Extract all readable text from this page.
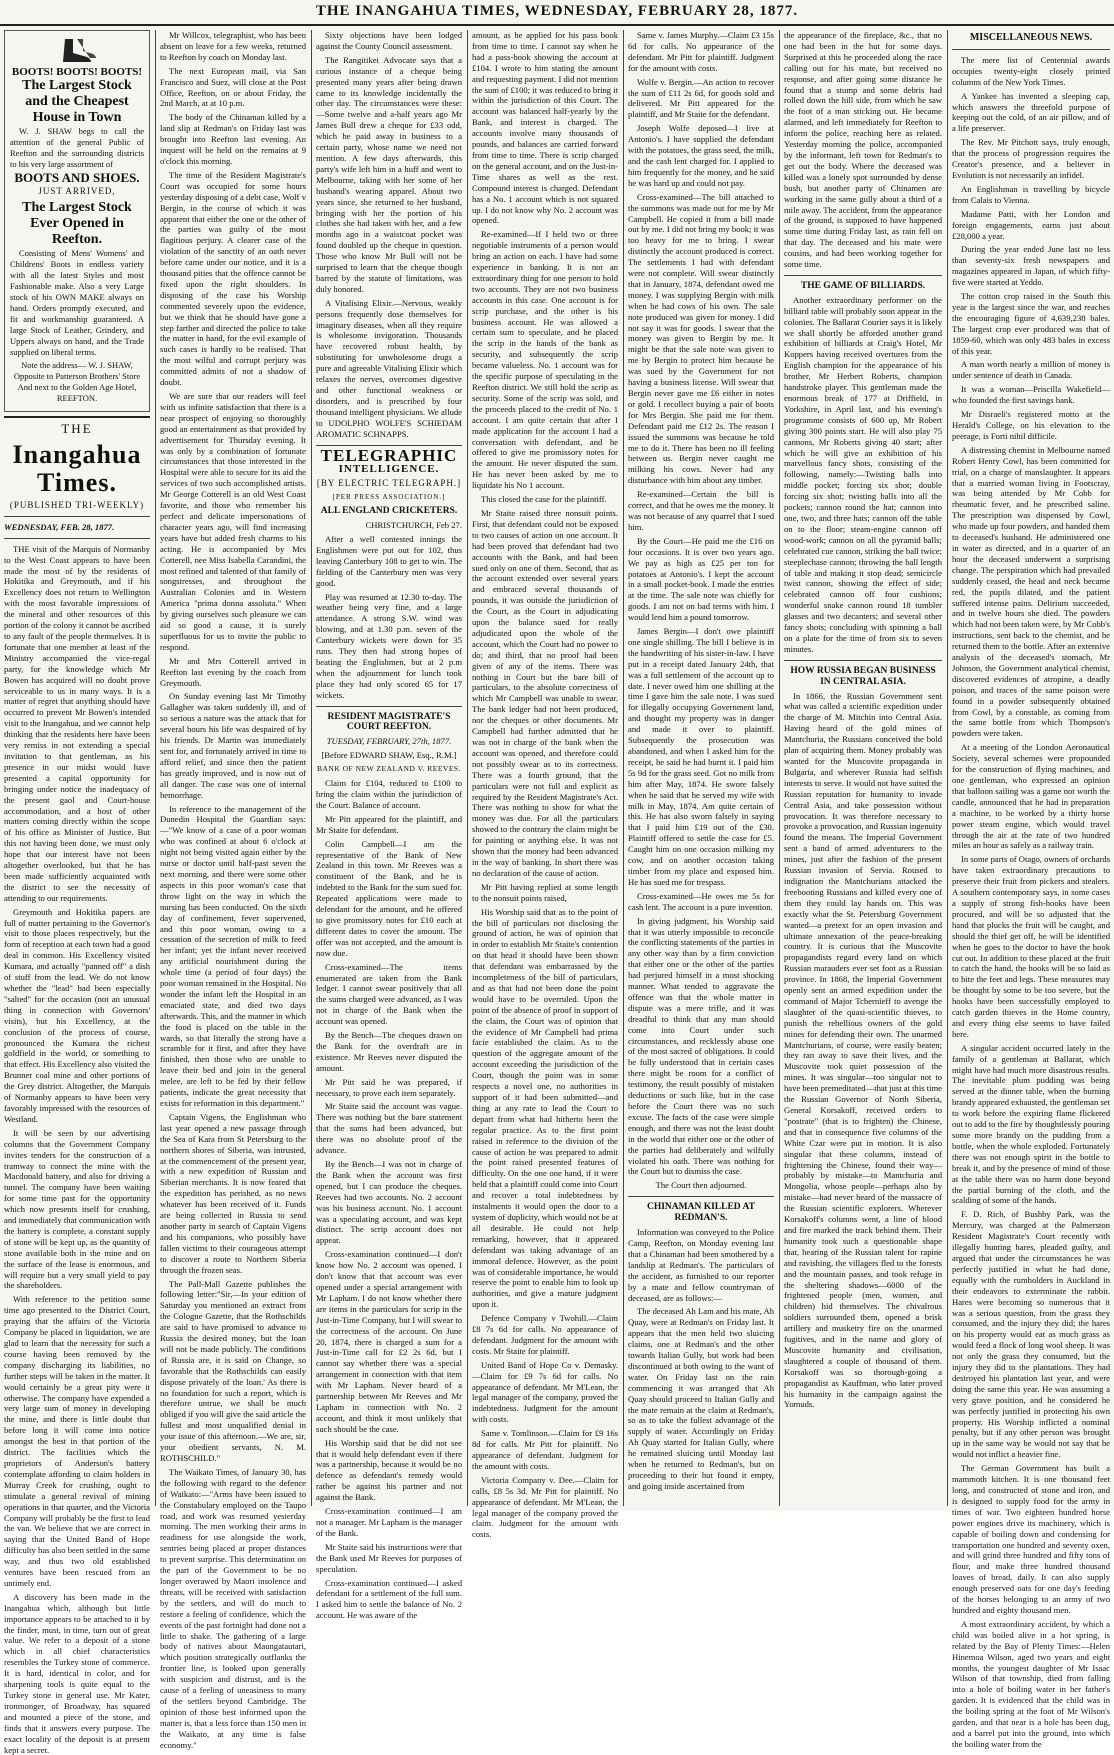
THE INANGAHUA TIMES, WEDNESDAY, FEBRUARY 28, 1877.
BOOTS! BOOTS! BOOTS!
The Largest Stock and the Cheapest House in Town

W. J. SHAW begs to call the attention of the general Public of Reefton and the surrounding districts to his very large assortment of

BOOTS AND SHOES.
JUST ARRIVED,
The Largest Stock Ever Opened in Reefton.

Consisting of Mens' Womens' and Childrens' Boots in endless variety with all the latest Styles and most Fashionable make. Also a very Large stock of his OWN MAKE always on hand. Orders promptly executed, and fit and workmanship guaranteed. A large Stock of Leather, Grindery, and Uppers always on hand, and the Trade supplied on liberal terms.

Note the address— W. J. SHAW, Opposite to Patterson Brothers' Store And next to the Golden Age Hotel, REEFTON.

THE
Inangahua Times.
(PUBLISHED TRI-WEEKLY)

WEDNESDAY, FEB. 28, 1877.

THE visit of the Marquis of Normanby to the West Coast appears to have been made the most of by the residents of Hokitika and Greymouth, and if his Excellency does not return to Wellington with the most favorable impressions of the mineral and other resources of this portion of the colony it cannot be ascribed to any fault of the people themselves. It is fortunate that one member at least of the Ministry accompanied the vice-regal party, for the knowledge which Mr Bowen has acquired will no doubt prove serviceable to us in many ways. It is a matter of regret that anything should have occurred to prevent Mr Bowen's intended visit to the Inangahua, and we cannot help thinking that the residents here have been very remiss in not extending a special invitation to that gentleman, as his presence in our midst would have presented a capital opportunity for bringing under notice the inadequacy of the present gaol and Court-house accommodation, and a host of other matters coming directly within the scope of his office as Minister of Justice. But this not having been done, we must only hope that our interest have not been altogether overlooked, but that he has been made sufficiently acquainted with the district to see the necessity of attending to our requirements.

Greymouth and Hokitika papers are full of matter pertaining to the Governor's visit to those places respectively, but the form of reception at each town had a good deal in common. His Excellency visited Kumara, and actually "panned off" a dish of stuff from the lead. We do not know whether the "lead" had been especially "salted" for the occasion (not an unusual thing in connection with Governors' visits), but his Excellency, at the conclusion of the process of course, pronounced the Kumara the richest goldfield in the world, or something to that effect. His Excellency also visited the Brunner coal mine and other portions of the Grey district. Altogether, the Marquis of Normanby appears to have been very favorably impressed with the resources of Westland.

It will be seen by our advertising columns that the Government Company invites tenders for the construction of a tramway to connect the mine with the Macdonald battery, and also for driving a tunnel. The company have been waiting for some time past for the opportunity which now presents itself for crushing, and immediately that communication with the battery is complete, a constant supply of stone will be kept up, as the quantity of stone available both in the mine and on the surface of the lease is enormous, and will require but a very small yield to pay the shareholders.

With reference to the petition some time ago presented to the District Court, praying that the affairs of the Victoria Company be placed in liquidation, we are glad to learn that the necessity for such a course having been removed by the company discharging its liabilities, no further steps will be taken in the matter. It would certainly be a great pity were it otherwise. The company have expended a very large sum of money in developing the mine, and there is little doubt that before long it will come into notice amongst the best in that portion of the district. The facilities which the proprietors of Anderson's battery contemplate affording to claim holders in Murray Creek for crushing, ought to stimulate a general revival of mining operations in that quarter, and the Victoria Company will probably be the first to lead the van. We believe that we are correct in saying that the United Band of Hope difficulty has also been settled in the same way, and thus two old established ventures have been rescued from an untimely end.

A discovery has been made in the Inangahua which, although but little importance appears to be attached to it by the finder, must, in time, turn out of great value. We refer to a deposit of a stone which in all chief characteristics resembles the Turkey stone of commerce. It is hard, identical in color, and for sharpening tools is quite equal to the Turkey stone in general use. Mr Kater, ironmonger, of Broadway, has squared and mounted a piece of the stone, and finds that it answers every purpose. The exact locality of the deposit is at present kept a secret.

Mr Willcox, telegraphist, who has been absent on leave for a few weeks, returned to Reefton by coach on Monday last.

The next European mail, via San Francisco and Suez, will close at the Post Office, Reefton, on or about Friday, the 2nd March, at at 10 p.m.

The body of the Chinaman killed by a land slip at Redman's on Friday last was brought into Reefton last evening. An inquest will be held on the remains at 9 o'clock this morning.

The time of the Resident Magistrate's Court was occupied for some hours yesterday disposing of a debt case, Wolf v Bergin, in the course of which it was apparent that either the one or the other of the parties was guilty of the most flagitious perjury. A clearer case of the violation of the sanctity of an oath never before came under our notice, and it is a thousand pities that the offence cannot be fixed upon the right shoulders. In disposing of the case his Worship commented severely upon the evidence, but we think that he should have gone a step farther and directed the police to take the matter in hand, for the evil example of such cases is hardly to be realised. That the most wilful and corrupt perjury was committed admits of not a shadow of doubt.

We are sure that our readers will feel with us infinite satisfaction that there is a near prospect of enjoying so thoroughly good an entertainment as that provided by advertisement for Thursday evening. It was only by a combination of fortunate circumstances that those interested in the Hospital were able to secure for its aid the services of two such accomplished artists. Mr George Cotterell is an old West Coast favorite, and those who remember his perfect and delicate impersonations of character years ago, will find increasing years have but added fresh charms to his acting. He is accompanied by Mrs Cotterell, nee Miss Isabella Carandini, the most refined and talented of that family of songstresses, and throughout the Australian Colonies and in Western America "prima donna assoluta." When by giving ourselves such pleasure we can aid so good a cause, it is surely superfluous for us to invite the public to respond.

Mr and Mrs Cotterell arrived in Reefton last evening by the coach from Greymouth.

On Sunday evening last Mr Timothy Gallagher was taken suddenly ill, and of so serious a nature was the attack that for several hours his life was despaired of by his friends. Dr Martin was immediately sent for, and fortunately arrived in time to afford relief, and since then the patient has greatly improved, and is now out of all danger. The case was one of internal hemorrhage.

In reference to the management of the Dunedin Hospital the Guardian says:—"We know of a case of a poor woman who was confined at about 6 o'clock at night not being visited again either by the nurse or doctor until half-past seven the next morning, and there were some other aspects in this poor woman's case that throw light on the way in which the nursing has been conducted. On the sixth day of confinement, fever supervened, and this poor woman, owing to a cessation of the secretion of milk to feed her infant; yet the infant never received any artificial nourishment during the whole time (a period of four days) the poor woman remained in the Hospital. No wonder the infant left the Hospital in an emaciated state, and died two days afterwards. This, and the manner in which the food is placed on the table in the wards, so that literally the strong have a scramble for it first, and after they have finished, then those who are unable to leave their bed and join in the general melee, are left to be fed by their fellow patients, indicate the great necessity that exists for reformation in this department."

Captain Vigens, the Englishman who last year opened a new passage through the Sea of Kara from St Petersburg to the northern shores of Siberia, was intrusted, at the commencement of the present year, with a new expedition of Russian and Siberian merchants. It is now feared that the expedition has perished, as no news whatever has been received of it. Funds are being collected in Russia to send another party in search of Captain Vigens and his companions, who possibly have fallen victims to their courageous attempt to discover a route to Northern Siberia through the frozen seas.

The Pall-Mall Gazette publishes the following letter:"Sir,—In your edition of Saturday you mentioned an extract from the Cologne Gazette, that the Rothschilds are said to have promised to advance to Russia the desired money, but the loan will not be made publicly. The conditions of Russia are, it is said on Change, so favorable that the Rothschilds can easily dispose privately of the loan.' As there is no foundation for such a report, which is therefore untrue, we shall be much obliged if you will give the said article the fullest and most unqualified denial in your issue of this afternoon.—We are, sir, your obedient servants, N. M. ROTHSCHILD."

The Waikato Times, of January 30, has the following with regard to the defence of Waikato:—"Arms have been issued to the Constabulary employed on the Taupo road, and work was resumed yesterday morning. The men working their arms in readiness for use alongside the work, sentries being placed at proper distances to prevent surprise. This determination on the part of the Government to be no longer overawed by Maori insolence and threats, will be received with satisfaction by the settlers, and will do much to restore a feeling of confidence, which the events of the past fortnight had done not a little to shake. The gathering of a large body of natives about Maungatautari, which position strategically outflanks the frontier line, is looked upon generally with suspicion and distrust, and is the cause of a feeling of uneasiness to many of the settlers beyond Cambridge. The opinion of those best informed upon the matter is, that a less force than 150 men in the Waikato, at any time is false economy."

Sixty objections have been lodged against the County Council assessment.

The Rangitikei Advocate says that a curious instance of a cheque being presented many years after being drawn came to its knowledge incidentally the other day. The circumstances were these:—Some twelve and a-half years ago Mr James Bull drew a cheque for £33 odd, which he paid away in business to a certain party, whose name we need not mention. A few days afterwards, this party's wife left him in a huff and went to Melbourne, taking with her some of her husband's wearing apparel. About two years since, she returned to her husband, bringing with her the portion of his clothes she had taken with her, and a few months ago in a waistcoat pocket was found doubled up the cheque in question. Those who know Mr Bull will not be surprised to learn that the cheque though barred by the statute of limitations, was duly honored.

A Vitalising Elixir.—Nervous, weakly persons frequently dose themselves for imaginary diseases, when all they require is wholesome invigoration. Thousands have recovered robust health, by substituting for unwholesome drugs a pure and agreeable Vitalising Elixir which relaxes the nerves, overcomes digestive and other functional weakness or disorders, and is prescribed by four thousand intelligent physicians. We allude to UDOLPHO WOLFE'S SCHIEDAM AROMATIC SCHNAPPS.

TELEGRAPHIC
INTELLIGENCE.
[BY ELECTRIC TELEGRAPH.]
[PER PRESS ASSOCIATION.]
ALL ENGLAND CRICKETERS.

CHRISTCHURCH, Feb 27.

After a well contested innings the Englishmen were put out for 102, thus leaving Canterbury 108 to get to win. The fielding of the Canterbury men was very good.

Play was resumed at 12.30 to-day. The weather being very fine, and a large attendance. A strong S.W. wind was blowing, and at 1.30 p.m. seven of the Canterbury wickets were down for 35 runs. They then had strong hopes of beating the Englishmen, but at 2 p.m when the adjournment for lunch took place they had only scored 65 for 17 wickets.

RESIDENT MAGISTRATE'S COURT REEFTON.

TUESDAY, FEBRUARY, 27th, 1877.

[Before EDWARD SHAW, Esq., R.M.]

BANK OF NEW ZEALAND V. REEVES.

Claim for £104, reduced to £100 to bring the claim within the jurisdiction of the Court. Balance of account.

Mr Pitt appeared for the plaintiff, and Mr Staite for defendant.

Colin Campbell—I am the representative of the Bank of New Zealand in this town. Mr Reeves was a constituent of the Bank, and he is indebted to the Bank for the sum sued for. Repeated applications were made to defendant for the amount, and he offered to give promissory notes for £10 each at different dates to cover the amount. The offer was not accepted, and the amount is now due.

Cross-examined—The items enumerated are taken from the Bank ledger. I cannot swear positively that all the sums charged were advanced, as I was not in charge of the Bank when the account was opened.

By the Bench—The cheques drawn on the Bank for the overdraft are in existence. Mr Reeves never disputed the amount.

Mr Pitt said he was prepared, if necessary, to prove each item separately.

Mr Staite said the account was vague. There was nothing but the bare statement that the sums had been advanced, but there was no absolute proof of the advance.

By the Bench—I was not in charge of the Bank when the account was first opened, but I can produce the cheques. Reeves had two accounts. No. 2 account was his business account. No. 1 account was a speculating account, and was kept distinct. The scrip account does not appear.

Cross-examination continued—I don't know how No. 2 account was opened. I don't know that that account was ever opened under a special arrangement with Mr Lapham. I do not know whether there are items in the particulars for scrip in the Just-in-Time Company, but I will swear to the correctness of the account. On June 20, 1874, there is charged a sum for a Just-in-Time call for £2 2s 6d, but I cannot say whether there was a special arrangement in connection with that item with Mr Lapham. Never heard of a partnership between Mr Reeves and Mr Lapham in connection with No. 2 account, and think it most unlikely that such should be the case.

His Worship said that he did not see that it would help defendant even if there was a partnership, because it would be no defence as defendant's remedy would rather be against his partner and not against the Bank.

Cross-examination continued—I am not a manager. Mr Lapham is the manager of the Bank.

Mr Staite said his instructions were that the Bank used Mr Reeves for purposes of speculation.

Cross-examination continued—I asked defendant for a settlement of the full sum. I asked him to settle the balance of No. 2 account. He was aware of the

amount, as he applied for his pass book from time to time. I cannot say when he had a pass-book showing the account at £104. I wrote to him stating the amount and requesting payment. I did not mention the sum of £100; it was reduced to bring it within the jurisdiction of this Court. The account was balanced half-yearly by the Bank, and interest is charged. The accounts involve many thousands of pounds, and balances are carried forward from time to time. There is scrip charged on the general account, and on the Just-in-Time shares as well as the rest. Compound interest is charged. Defendant has a No. 1 account which is not squared up. I do not know why No. 2 account was opened.

Re-examined—If I held two or three negotiable instruments of a person would bring an action on each. I have had some experience in banking. It is not an extraordinary thing for one person to hold two accounts. They are not two business accounts in this case. One account is for scrip purchase, and the other is his business account. He was allowed a certain sum to speculate, and he placed the scrip in the hands of the bank as security, and subsequently the scrip became valueless. No. 1 account was for the specific purpose of speculating in the Reefton district. We still hold the scrip as security. Some of the scrip was sold, and the proceeds placed to the credit of No. 1 account. I am quite certain that after I made application for the account I had a conversation with defendant, and he offered to give me promissory notes for the amount. He never disputed the sum. He has never been asked by me to liquidate his No 1 account.

This closed the case for the plaintiff.

Mr Staite raised three nonsuit points. First, that defendant could not be exposed to two causes of action on one account. It had been proved that defendant had two accounts with the Bank, and had been sued only on one of them. Second, that as the account extended over several years and embraced several thousands of pounds, it was outside the jurisdiction of the Court, as the Court in adjudicating upon the balance sued for really adjudicated upon the whole of the account, which the Court had no power to do; and third, that no proof had been given of any of the items. There was nothing in Court but the bare bill of particulars, to the absolute correctness of which Mr Campbell was unable to swear. The bank ledger had not been produced, nor the cheques or other documents. Mr Campbell had further admitted that he was not in charge of the bank when the account was opened, and therefore could not possibly swear as to its correctness. There was a fourth ground, that the particulars were not full and explicit as required by the Resident Magistrate's Act. There was nothing to show for what the money was due. For all the particulars showed to the contrary the claim might be for painting or anything else. It was not shown that the money had been advanced in the way of banking. In short there was no declaration of the cause of action.

Mr Pitt having replied at some length to the nonsuit points raised,

His Worship said that as to the point of the bill of particulars not disclosing the ground of action, he was of opinion that in order to establish Mr Staite's contention on that head it should have been shown that defendant was embarrassed by the incompleteness of the bill of particulars, and as that had not been done the point would have to be overruled. Upon the point of the absence of proof in support of the claim, the Court was of opinion that the evidence of Mr Campbell had prima facie established the claim. As to the question of the aggregate amount of the account exceeding the jurisdiction of the Court, though the point was in some respects a novel one, no authorities in support of it had been submitted—and thing at any rate to lead the Court to depart from what had hitherto been the regular practice. As to the first point raised in reference to the division of the cause of action he was prepared to admit the point raised presented features of difficulty. On the one one hand, if it were held that a plaintiff could come into Court and recover a total indebtedness by instalments it would open the door to a system of duplicity, which would not be at all desirable. He could not help remarking, however, that it appeared defendant was taking advantage of an immoral defence. However, as the point was of considerable importance, he would reserve the point to enable him to look up authorities, and give a mature judgment upon it.

Defence Company v Twohill.—Claim £8 7s 6d for calls. No appearance of defendant. Judgment for the amount with costs. Mr Staite for plaintiff.

United Band of Hope Co v. Demasky.—Claim for £9 7s 6d for calls. No appearance of defendant. Mr M'Lean, the legal manager of the company, proved the indebtedness. Judgment for the amount with costs.

Same v. Tomlinson.—Claim for £9 16s 8d for calls. Mr Pitt for plaintiff. No appearance of defendant. Judgment for the amount with costs.

Victoria Company v. Dee.—Claim for calls, £8 5s 3d. Mr Pitt for plaintiff. No appearance of defendant. Mr M'Lean, the legal manager of the company proved the claim. Judgment for the amount with costs.

Same v. James Murphy.—Claim £3 15s 6d for calls. No appearance of the defendant. Mr Pitt for plaintiff. Judgment for the amount with costs.

Wolfe v. Bergin.—An action to recover the sum of £11 2s 6d, for goods sold and delivered. Mr Pitt appeared for the plaintiff, and Mr Staite for the defendant.

Joseph Wolfe deposed—I live at Antonio's. I have supplied the defendant with the potatoes, the grass seed, the milk, and the cash lent charged for. I applied to him frequently for the money, and he said he was hard up and could not pay.

Cross-examined—The bill attached to the summons was made out for me by Mr Campbell. He copied it from a bill made out by me. I did not bring my book; it was too heavy for me to bring. I swear distinctly the account produced is correct. The settlements I had with defendant were not complete. Will swear distinctly that in January, 1874, defendant owed me money. I was supplying Bergin with milk when he had cows of his own. The sale note produced was given for money. I did not say it was for goods. I swear that the money was given to Bergin by me. It might be that the sale note was given to me by Bergin to protect him because he was sued by the Government for not having a business license. Will swear that Bergin never gave me £6 either in notes or gold. I recollect buying a pair of boots for Mrs Bergin. She paid me for them. Defendant paid me £12 2s. The reason I issued the summons was because he told me to do it. There has been no ill feeling between us. Bergin never caught me milking his cows. Never had any disturbance with him about any timber.

Re-examined—Certain the bill is correct, and that he owes me the money. It was not because of any quarrel that I sued him.

By the Court—He paid me the £16 on four occasions. It is over two years ago. We pay as high as £25 per ton for potatoes at Antonio's. I kept the account in a small pocket-book. I made the entries at the time. The sale note was chiefly for goods. I am not on bad terms with him. I would lend him a pound tomorrow.

James Bergin—I don't owe plaintiff one single shilling. The bill I believe is in the handwriting of his sister-in-law. I have put in a receipt dated January 24th, that was a full settlement of the account up to date. I never owed him one shilling at the time I gave him the sale note. I was sued for illegally occupying Government land, and thought my property was in danger and made it over to plaintiff. Subsequently the prosecution was abandoned, and when I asked him for the receipt, he said he had burnt it. I paid him 5s 9d for the grass seed. Got no milk from him after May, 1874. He swore falsely when he said that he served my wife with milk in May, 1874. Am quite certain of this. He has also sworn falsely in saying that I paid him £19 out of the £30. Plaintiff offered to settle the case for £5. Caught him on one occasion milking my cow, and on another occasion taking timber from my place and exposed him. He has sued me for trespass.

Cross-examined—He owes me 5s for cash lent. The account is a pure invention.

In giving judgment, his Worship said that it was utterly impossible to reconcile the conflicting statements of the parties in any other way than by a firm conviction that either one or the other of the parties had perjured himself in a most shocking manner. What tended to aggravate the offence was that the whole matter in dispute was a mere trifle, and it was dreadful to think that any man should come into Court under such circumstances, and recklessly abuse one of the most sacred of obligations. It could be fully understood that in certain cases there might be room for a conflict of testimony, the result possibly of mistaken deductions or such like, but in the case before the Court there was no such excuse. The facts of the case were simple enough, and there was not the least doubt in the world that either one or the other of the parties had deliberately and wilfully violated his oath. There was nothing for the Court but to dismiss the case.

The Court then adjourned.

CHINAMAN KILLED AT REDMAN'S.

Information was conveyed to the Police Camp, Reefton, on Monday evening last that a Chinaman had been smothered by a landslip at Redman's. The particulars of the accident, as furnished to our reporter by a mate and fellow countryman of deceased, are as follows:—

The deceased Ah Lam and his mate, Ah Quay, were at Redman's on Friday last. It appears that the men held two sluicing claims, one at Redman's and the other towards Italian Gully, but work had been discontinued at both owing to the want of water. On Friday last on the rain commencing it was arranged that Ah Quay should proceed to Italian Gully and the mate remain at the claim at Redman's, so as to take the fullest advantage of the supply of water. Accordingly on Friday Ah Quay started for Italian Gully, where he remained sluicing until Monday last when he returned to Redman's, but on proceeding to their hut found it empty, and going inside ascertained from

the appearance of the fireplace, &c., that no one had been in the hut for some days. Surprised at this he proceeded along the race calling out for his mate, but received no response, and after going some distance he found that a stump and some debris had rolled down the hill side, from which he saw the foot of a man sticking out. He became alarmed, and left immediately for Reefton to inform the police, reaching here as related. Yesterday morning the police, accompanied by the informant, left town for Redman's to get out the body. Where the deceased was killed was a lonely spot surrounded by dense bush, but another party of Chinamen are working in the same gully about a third of a mile away. The accident, from the appearance of the ground, is supposed to have happened some time during Friday last, as rain fell on that day. The deceased and his mate were cousins, and had been working together for some time.

THE GAME OF BILLIARDS.

Another extraordinary performer on the billiard table will probably soon appear in the colonies. The Ballarat Courier says it is likely we shall shortly be afforded another grand exhibition of billiards at Craig's Hotel, Mr Koppers having received overtures from the English champion for the appearance of his brother, Mr Herbert Roberts, champion handstroke player. This gentleman made the enormous break of 177 at Driffield, in Yorkshire, in April last, and his evening's programme consists of 600 up, Mr Robert giving 300 points start. He will also play 75 cannons, Mr Roberts giving 40 start; after which he will give an exhibition of his marvellous fancy shots, consisting of the following, namely:—Twisting balls into middle pocket; forcing six shot; double forcing six shot; twisting balls into all the pockets; cannon round the hat; cannon into one, two, and three hats; cannon off the table on to the floor; steam-engine cannon off wood-work; cannon on all the pyramid balls; celebrated cue cannon, striking the ball twice; steeplechase cannon; throwing the ball length of table and making it stop dead; semicircle twist cannon, showing the effect of side; celebrated cannon off four cushions; wonderful snake cannon round 18 tumbler glasses and two decanters; and several other fancy shots; concluding with spinning a ball on a plate for the time of from six to seven minutes.

HOW RUSSIA BEGAN BUSINESS IN CENTRAL ASIA.

In 1866, the Russian Government sent what was called a scientific expedition under the charge of M. Mitchin into Central Asia. Having heard of the gold mines of Mantchuria, the Russians conceived the bold plan of acquiring them. Money probably was wanted for the Muscovite propaganda in Bulgaria, and wherever Russia had selfish interests to serve. It would not have suited the Russian reputation for humanity to invade Central Asia, and take possession without provocation. It was therefore necessary to provoke a provocation, and Russian ingenuity found the means. The Imperial Government sent a band of armed adventurers to the mines, just after the fashion of the present Russian invasion of Servia. Roused to indignation the Mantchurians attacked the freebooting Russians and killed every one of them they could lay hands on. This was exactly what the St. Petersburg Government wanted—a pretext for an open invasion and ultimate annexation of the peace-breaking country. It is curious that the Muscovite propagandists regard every land on which Russian marauders ever set foot as a Russian province. In 1868, the Imperial Government openly sent an armed expedition under the command of Major Tchernieff to avenge the slaughter of the quasi-scientific thieves, to punish the rebellious owners of the gold mines for defending their own. The unarmed Mantchurians, of course, were easily beaten; they ran away to save their lives, and the Muscovite took quiet possession of the mines. It was singular—too singular not to have been premeditated—that just at this time the Russian Governor of North Siberia, General Korsakoff, received orders to "postrate" (that is to frighten) the Chinese, and that in consequence five columns of the White Czar were put in motion. It is also singular that these columns, instead of frightening the Chinese, found their way—probably by mistake—to Mantchuria and Mongolia, whose people—perhaps also by mistake—had never heard of the massacre of the Russian scientific explorers. Wherever Korsakoff's columns went, a line of blood and fire marked the track behind them. Their humanity took such a questionable shape that, hearing of the Russian talent for rapine and ravishing, the villagers fled to the forests and the mountain passes, and took refuge in the sheltering shadows—6000 of the frightened people (men, women, and children) hid themselves. The chivalrous soldiers surrounded them, opened a brisk artillery and musketry fire on the unarmed fugitives, and in the name and glory of Muscovite humanity and civilisation, slaughtered a couple of thousand of them. Korsakoff was so thorough-going a propagandist as Kauffman, who later proved his humanity in the campaign against the Yomuds.

MISCELLANEOUS NEWS.

The mere list of Centennial awards occupies twenty-eight closely printed columns of the New York Times.

A Yankee has invented a sleeping cap, which answers the threefold purpose of keeping out the cold, of an air pillow, and of a life preserver.

The Rev. Mr Pitchott says, truly enough, that the process of progression requires the Creator's presence, and a believer in Evolution is not necessarily an infidel.

An Englishman is travelling by bicycle from Calais to Vienna.

Madame Patti, with her London and foreign engagements, earns just about £28,000 a year.

During the year ended June last no less than seventy-six fresh newspapers and magazines appeared in Japan, of which fifty-five were started at Yeddo.

The cotton crop raised in the South this year is the largest since the war, and reaches the encouraging figure of 4,639,238 bales. The largest crop ever produced was that of 1859-60, which was only 483 bales in excess of this year.

A man worth nearly a million of money is under sentence of death in Canada.

It was a woman—Priscilla Wakefield—who founded the first savings bank.

Mr Disraeli's registered motto at the Herald's College, on his elevation to the peerage, is Forti nihil difficile.

A distressing chemist in Melbourne named Robert Henry Cowl, has been committed for trial, on a charge of manslaughter. It appears that a married woman living in Footscray, was being attended by Mr Cobb for rheumatic fever, and he prescribed saline. The prescription was dispensed by Cowl, who made up four powders, and handed them to deceased's husband. He administered one in water as directed, and in a quarter of an hour the deceased underwent a surprising change. The perspiration which had prevailed suddenly ceased, the head and neck became red, the pupils dilated, and the patient suffered intense pains. Delirium succeeded, and in twelve hours she died. The powders which had not been taken were, by Mr Cobb's instructions, sent back to the chemist, and he returned them to the bottle. After an extensive analysis of the deceased's stomach, Mr Johnson, the Government analytical chemist, discovered evidences of atropine, a deadly poison, and traces of the same poison were found in a powder subsequently obtained from Cowl, by a constable, as coming from the same bottle from which Thompson's powders were taken.

At a meeting of the London Aeronautical Society, several schemes were propounded for the construction of flying machines, and one gentleman, who expressed an opinion that balloon sailing was a game not worth the candle, announced that he had in preparation a machine, to be worked by a thirty horse power steam engine, which would travel through the air at the rate of two hundred miles an hour as safely as a railway train.

In some parts of Otago, owners of orchards have taken extraordinary precautions to preserve their fruit from pickers and stealers. A southern contemporary says, in some cases a supply of strong fish-hooks have been procured, and will be so adjusted that the hand that plucks the fruit will be caught, and should the thief get off, he will be identified when he goes to the doctor to have the hook cut out. In addition to these placed at the fruit to catch the hand, the hooks will be so laid as to bite the feet and legs. These measures may be thought by some to be too severe, but the hooks have been successfully employed to catch garden thieves in the Home country, and every thing else seems to have failed here.

A singular accident occurred lately in the family of a gentleman at Ballarat, which might have had much more disastrous results. The inevitable plum pudding was being served at the dinner table, when the burning brandy appeared exhausted, the gentleman set to work before the expiring flame flickered out to add to the fire by thoughtlessly pouring some more brandy on the pudding from a bottle, when the whole exploded. Fortunately there was not enough spirit in the bottle to break it, and by the presence of mind of those at the table there was no harm done beyond the partial burning of the cloth, and the scalding of some of the hands.

F. D. Rich, of Bushby Park, was the Mercury, was charged at the Palmerston Resident Magistrate's Court recently with illegally hunting hares, pleaded guilty, and argued that under the circumstances he was perfectly justified in what he had done, equally with the rumholders in Auckland in their endeavors to exterminate the rabbit. Hares were becoming so numerous that it was a serious question, from the grass they consumed, and the injury they did; the hares on his property would eat as much grass as would feed a flock of long wool sheep. It was not only the grass they consumed, but the injury they did to the plantations. They had destroyed his plantation last year, and were doing the same this year. He was assuming a very grave position, and he considered he was perfectly justified in protecting his own property. His Worship inflicted a nominal penalty, but if any other person was brought up in the same way he would not say that he would not inflict a heavier fine.

The German Government has built a mammoth kitchen. It is one thousand feet long, and constructed of stone and iron, and is designed to supply food for the army in times of war. Two eighteen hundred horse power engines drive its machinery, which is capable of boiling down and condensing for transportation one hundred and seventy oxen, and will grind three hundred and fifty tons of flour, and make three hundred thousand loaves of bread, daily. It can also supply enough preserved oats for one day's feeding of the horses belonging to an army of two hundred and eighty thousand men.

A most extraordinary accident, by which a child was boiled alive in a hot spring, is related by the Bay of Plenty Times:—Helen Hinemoa Wilson, aged two years and eight months, the youngest daughter of Mr Isaac Wilson of that township, died from falling into a hole of boiling water in her father's garden. It is evidenced that the child was in the boiling spring at the foot of Mr Wilson's garden, and that near is a hole has been dug, and a barrel put into the ground, into which the boiling water from the
